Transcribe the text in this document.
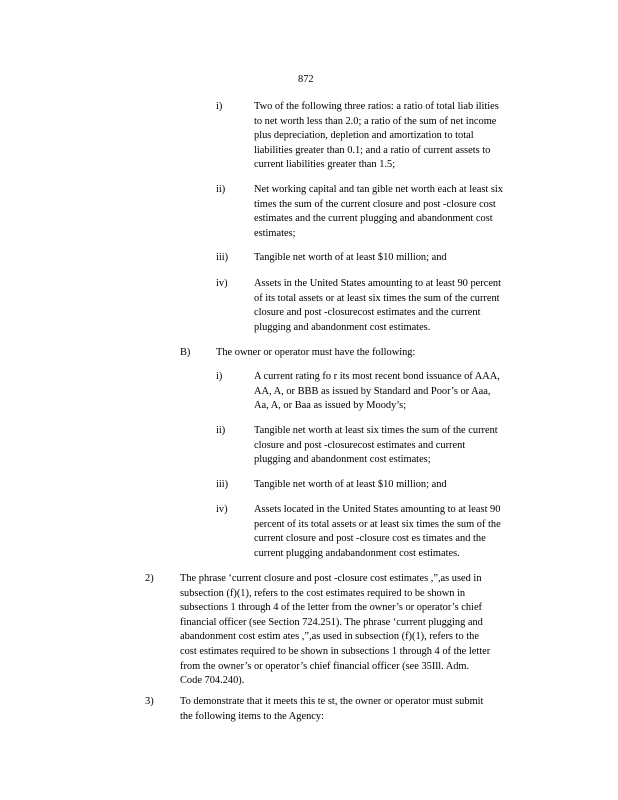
872
i)	Two of the following three ratios: a ratio of total liab ilities
to net worth less than 2.0; a ratio of the sum of net income
plus depreciation, depletion and amortization to total
liabilities greater than 0.1; and a ratio of current assets to
current liabilities greater than 1.5;
ii)	Net working capital and tan gible net worth each at least six
times the sum of the current closure and post -closure cost
estimates and the current plugging and abandonment cost
estimates;
iii) Tangible net worth of at least $10 million; and
iv)	Assets in the United States amounting to at least 90 percent
of its total assets or at least six times the sum of the current
closure and post -closurecost estimates and the current
plugging and abandonment cost estimates.
B) The owner or operator must have the following:
i)	A current rating fo r its most recent bond issuance of AAA,
AA, A, or BBB as issued by Standard and Poor’s or Aaa,
Aa, A, or Baa as issued by Moody’s;
ii)	Tangible net worth at least six times the sum of the current
closure and post -closurecost estimates and current
plugging and abandonment cost estimates;
iii) Tangible net worth of at least $10 million; and
iv)	Assets located in the United States amounting to at least 90
percent of its total assets or at least six times the sum of the
current closure and post -closure cost es timates and the
current plugging andabandonment cost estimates.
2)	The phrase ‘current closure and post -closure cost estimates ,”,as used in
subsection (f)(1), refers to the cost estimates required to be shown in
subsections 1 through 4 of the letter from the owner’s or operator’s chief
financial officer (see Section 724.251). The phrase ‘current plugging and
abandonment cost estim ates ,”,as used in subsection (f)(1), refers to the
cost estimates required to be shown in subsections 1 through 4 of the letter
from the owner’s or operator’s chief financial officer (see 35Ill. Adm.
Code 704.240).
3)	To demonstrate that it meets this te st, the owner or operator must submit
the following items to the Agency:
